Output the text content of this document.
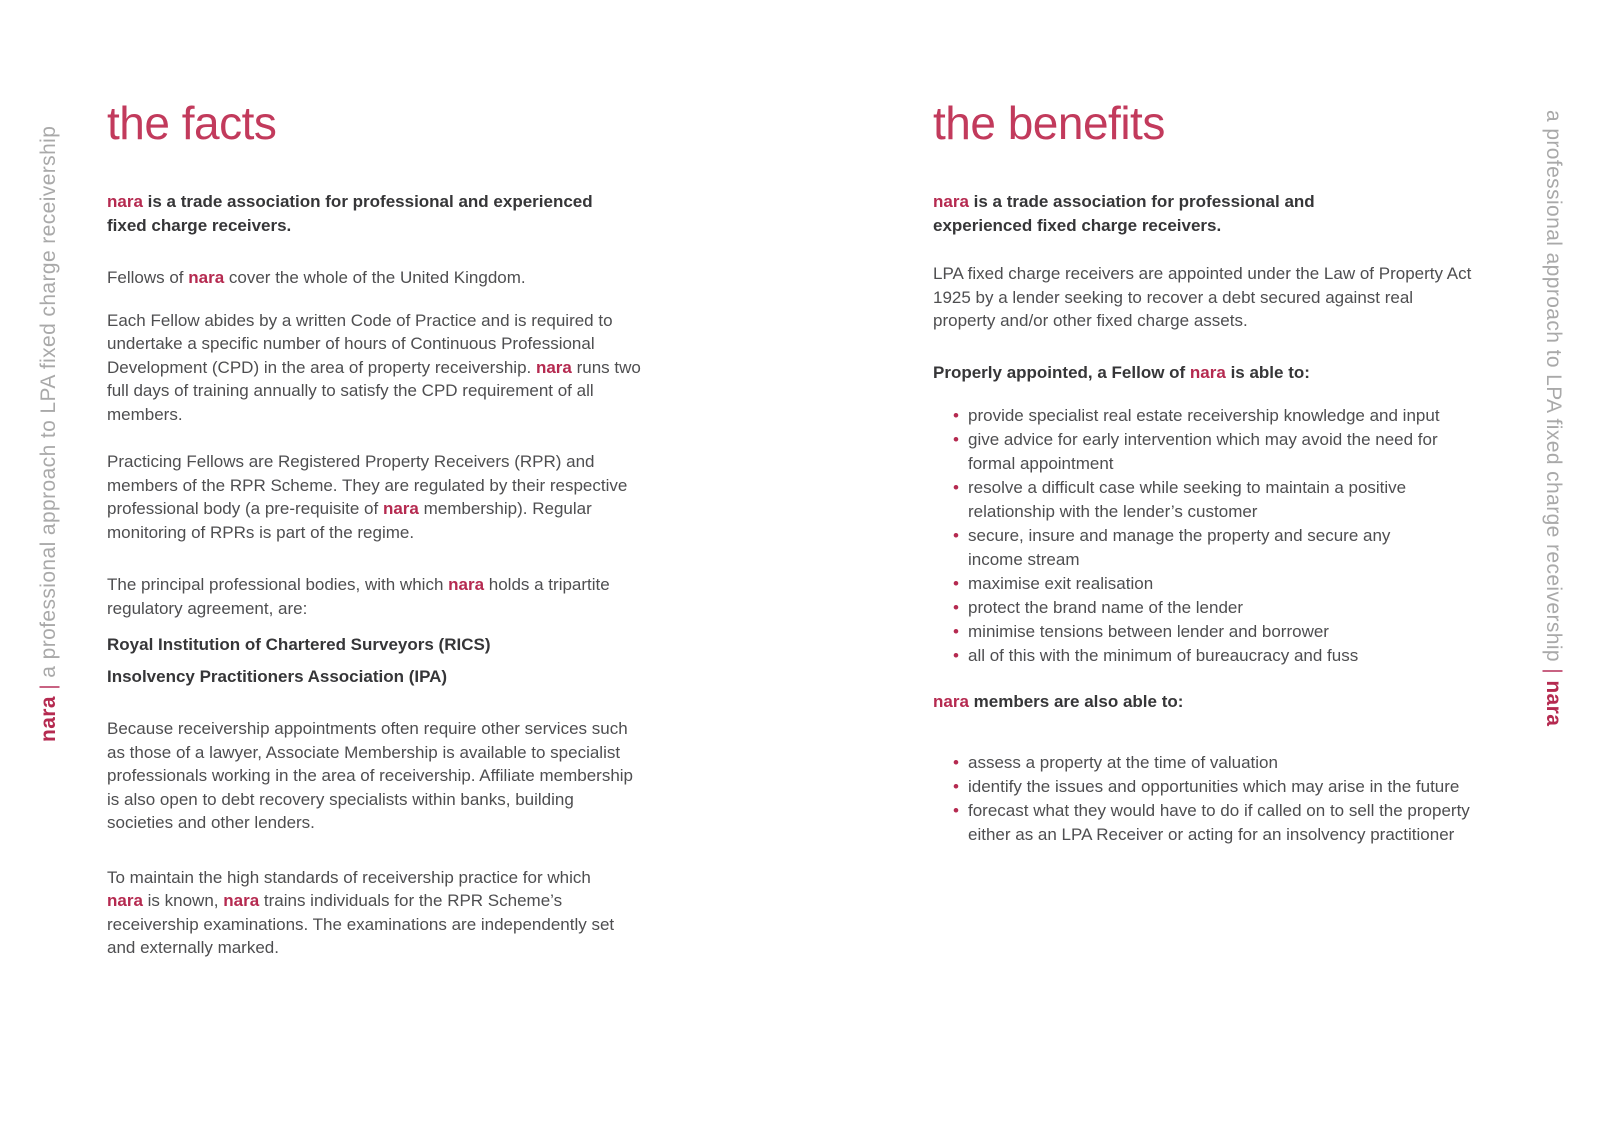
nara | a professional approach to LPA fixed charge receivership	a professional approach to LPA fixed charge receivership | nara
the facts

nara is a trade association for professional and experienced
fixed charge receivers.

Fellows of nara cover the whole of the United Kingdom.

Each Fellow abides by a written Code of Practice and is required to
undertake a specific number of hours of Continuous Professional
Development (CPD) in the area of property receivership. nara runs two
full days of training annually to satisfy the CPD requirement of all
members.

Practicing Fellows are Registered Property Receivers (RPR) and
members of the RPR Scheme. They are regulated by their respective
professional body (a pre-requisite of nara membership). Regular
monitoring of RPRs is part of the regime.

The principal professional bodies, with which nara holds a tripartite
regulatory agreement, are:

Royal Institution of Chartered Surveyors (RICS)

Insolvency Practitioners Association (IPA)

Because receivership appointments often require other services such
as those of a lawyer, Associate Membership is available to specialist
professionals working in the area of receivership. Affiliate membership
is also open to debt recovery specialists within banks, building
societies and other lenders.

To maintain the high standards of receivership practice for which
nara is known, nara trains individuals for the RPR Scheme’s
receivership examinations. The examinations are independently set
and externally marked.

the benefits

nara is a trade association for professional and
experienced fixed charge receivers.

LPA fixed charge receivers are appointed under the Law of Property Act
1925 by a lender seeking to recover a debt secured against real
property and/or other fixed charge assets.

Properly appointed, a Fellow of nara is able to:

• provide specialist real estate receivership knowledge and input
• give advice for early intervention which may avoid the need for
formal appointment
• resolve a difficult case while seeking to maintain a positive
relationship with the lender’s customer
• secure, insure and manage the property and secure any
income stream
• maximise exit realisation
• protect the brand name of the lender
• minimise tensions between lender and borrower
• all of this with the minimum of bureaucracy and fuss

nara members are also able to:

• assess a property at the time of valuation
• identify the issues and opportunities which may arise in the future
• forecast what they would have to do if called on to sell the property
either as an LPA Receiver or acting for an insolvency practitioner
